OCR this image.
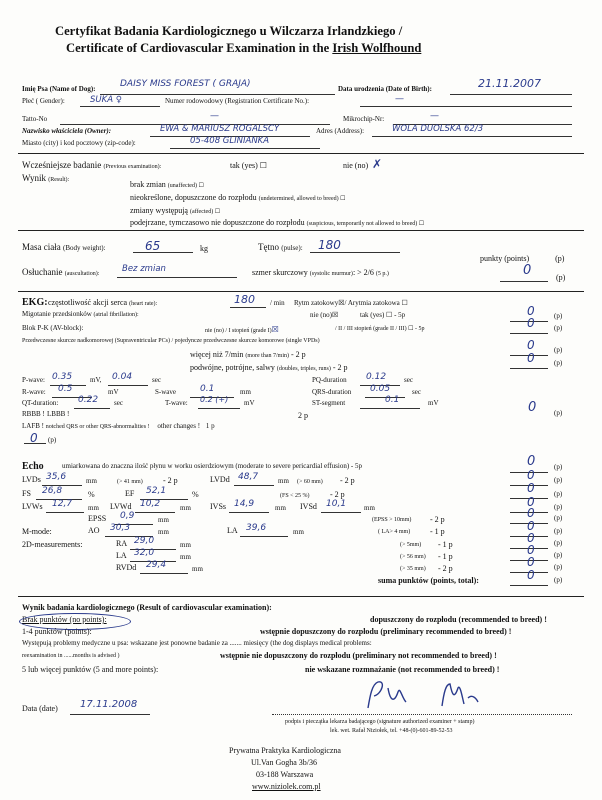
Certyfikat Badania Kardiologicznego u Wilczarza Irlandzkiego /
Certificate of Cardiovascular Examination in the Irish Wolfhound
Imię Psa (Name of Dog):	DAISY MISS FOREST ( GRAJA)	Data urodzenia (Date of Birth):	21.11.2007
Płeć ( Gender):	SUKA ♀	Numer rodowodowy (Registration Certificate No.):	—
Tatto-No	—	Mikrochip-Nr:	—
Nazwisko właściciela (Owner):	EWA & MARIUSZ ROGALSCY	Adres (Address):	WOLA DUOLSKA 62/3
Miasto (city) i kod pocztowy (zip-code):	05-408 GLINIANKA
Wcześniejsze badanie (Previous examination):	tak (yes) ☐	nie (no) ✗
Wynik (Result):	brak zmian (unaffected) ☐
nieokreślone, dopuszczone do rozpłodu (undetermined, allowed to breed) ☐
zmiany występują (affected) ☐
podejrzane, tymczasowo nie dopuszczone do rozpłodu (suspicious, temporarily not allowed to breed) ☐
Masa ciała (Body weight):	65	kg	Tętno (pulse): 180
punkty (points)	(p)
Osłuchanie (auscultation):	Bez zmian	szmer skurczowy (systolic murmur): > 2/6 (5 p.)	0	(p)
EKG: częstotliwość akcji serca (heart rate):	180 / min Rytm zatokowy☒/ Arytmia zatokowa ☐
Migotanie przedsionków (atrial fibrillation):	nie (no)☒	tak (yes) ☐ - 5p	0	(p)
Blok P-K (AV-block):	nie (no) / I stopień (grade I)☒	/ II / III stopień (grade II / III) ☐ - 5p	0	(p)
Przedwczesne skurcze nadkomorowej (Supraventricular PCs) / pojedyncze przedwczesne skurcze komorowe (single VPDs)
więcej niż 7/min (more than 7/min) - 2 p
0	(p)
podwójne, potrójne, salwy (doubles, triples, runs) - 2 p
0	(p)
P-wave: 0.35	mV, 0.04	sec	PQ-duration 0.12	sec
R-wave: 0.5	mV	S-wave	0.1	mm	QRS-duration 0.05	sec
QT-duration: 0.22 sec	T-wave: 0.2 (+) mV	ST-segment	0.1	mV
RBBB ! LBBB !	2 p
0	(p)
LAFB ! notched QRS or other QRS-abnormalities ! other changes ! 1 p
0 (p)
Echo	umiarkowana do znaczna ilość płynu w worku osierdziowym (moderate to severe pericardial effusion) - 5p	0	(p)
LVDs 35,6	mm	(> 41 mm)	- 2 p	LVDd 48,7	mm (> 60 mm) - 2 p	0	(p)
FS 26,8	%	EF 52,1	%	(FS < 25 %)	- 2 p	0	(p)
LVWs 12,7 mm LVWd 10,2	mm IVSs 14,9	mm IVSd 10,1	mm	0	(p)
EPSS 0,9	mm	(EPSS > 10mm) - 2 p	0	(p)
M-mode:	AO 30,3	mm	LA 39,6	mm	( LA> 4 mm) - 1 p	0	(p)
2D-measurements:	RA 29,0	mm	(> 5mm) - 1 p	0	(p)
LA 32,0	mm	(> 56 mm) - 1 p	0	(p)
RVDd 29,4	mm	(> 35 mm) - 2 p	0	(p)
suma punktów (points, total):	0	(p)
Wynik badania kardiologicznego (Result of cardiovascular examination):
Brak punktów (no points):	dopuszczony do rozpłodu (recommended to breed) !
1-4 punktów (points):	wstępnie dopuszczony do rozpłodu (preliminary recommended to breed) !
Występują problemy medyczne u psa: wskazane jest ponowne badanie za ....... miesięcy (the dog displays medical problems:
reexamination in ......months is advised )	wstępnie nie dopuszczony do rozpłodu (preliminary not recommended to breed) !
5 lub więcej punktów (5 and more points):	nie wskazane rozmnażanie (not recommended to breed) !
Data (date) 17.11.2008
podpis i pieczątka lekarza badającego (signature authorized examiner + stamp)
lek. wet. Rafał Niziołek, tel. +48-(0)-601-89-52-53
Prywatna Praktyka Kardiologiczna
Ul.Van Gogha 3b/36
03-188 Warszawa
www.niziolek.com.pl
